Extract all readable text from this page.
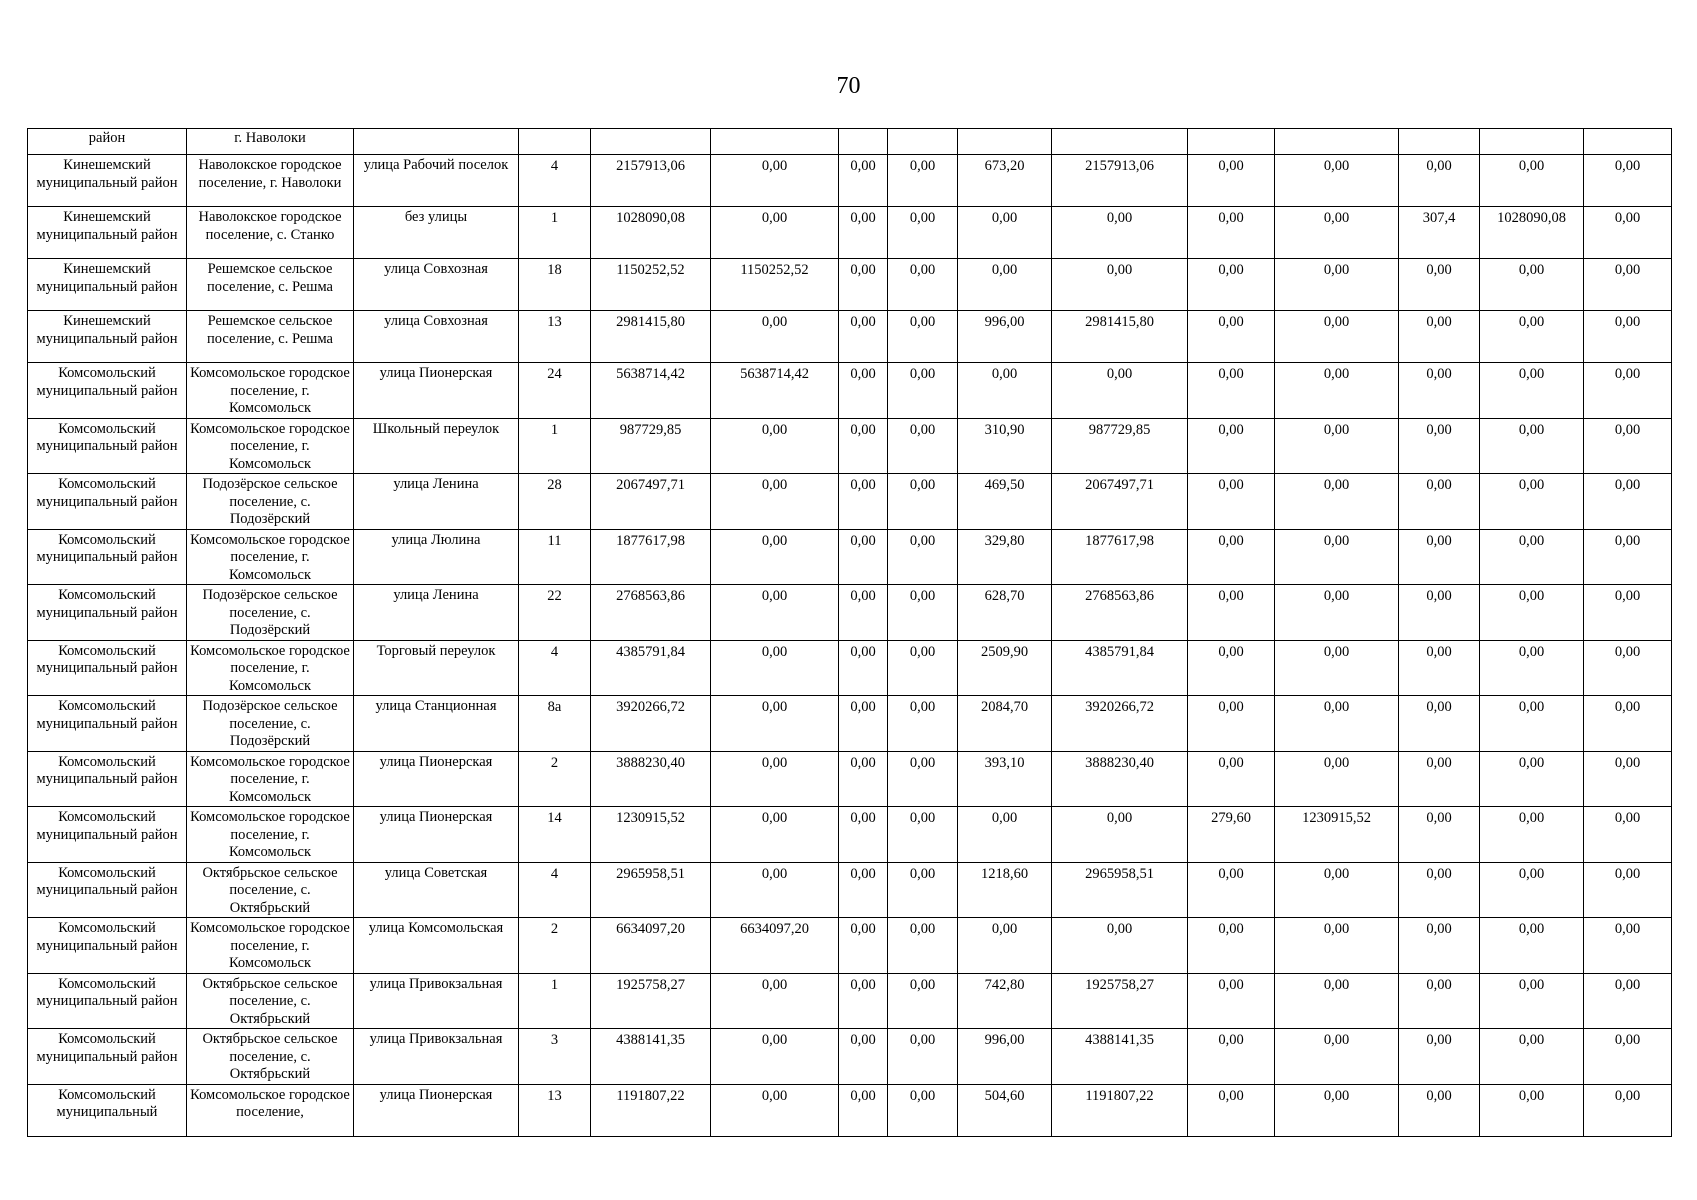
70
район	г. Наволоки													
Кинешемский муниципальный район	Наволокское городское поселение, г. Наволоки	улица Рабочий поселок	4	2157913,06	0,00	0,00	0,00	673,20	2157913,06	0,00	0,00	0,00	0,00	0,00
Кинешемский муниципальный район	Наволокское городское поселение, с. Станко	без улицы	1	1028090,08	0,00	0,00	0,00	0,00	0,00	0,00	0,00	307,4	1028090,08	0,00
Кинешемский муниципальный район	Решемское сельское поселение, с. Решма	улица Совхозная	18	1150252,52	1150252,52	0,00	0,00	0,00	0,00	0,00	0,00	0,00	0,00	0,00
Кинешемский муниципальный район	Решемское сельское поселение, с. Решма	улица Совхозная	13	2981415,80	0,00	0,00	0,00	996,00	2981415,80	0,00	0,00	0,00	0,00	0,00
Комсомольский муниципальный район	Комсомольское городское поселение, г. Комсомольск	улица Пионерская	24	5638714,42	5638714,42	0,00	0,00	0,00	0,00	0,00	0,00	0,00	0,00	0,00
Комсомольский муниципальный район	Комсомольское городское поселение, г. Комсомольск	Школьный переулок	1	987729,85	0,00	0,00	0,00	310,90	987729,85	0,00	0,00	0,00	0,00	0,00
Комсомольский муниципальный район	Подозёрское сельское поселение, с. Подозёрский	улица Ленина	28	2067497,71	0,00	0,00	0,00	469,50	2067497,71	0,00	0,00	0,00	0,00	0,00
Комсомольский муниципальный район	Комсомольское городское поселение, г. Комсомольск	улица Люлина	11	1877617,98	0,00	0,00	0,00	329,80	1877617,98	0,00	0,00	0,00	0,00	0,00
Комсомольский муниципальный район	Подозёрское сельское поселение, с. Подозёрский	улица Ленина	22	2768563,86	0,00	0,00	0,00	628,70	2768563,86	0,00	0,00	0,00	0,00	0,00
Комсомольский муниципальный район	Комсомольское городское поселение, г. Комсомольск	Торговый переулок	4	4385791,84	0,00	0,00	0,00	2509,90	4385791,84	0,00	0,00	0,00	0,00	0,00
Комсомольский муниципальный район	Подозёрское сельское поселение, с. Подозёрский	улица Станционная	8а	3920266,72	0,00	0,00	0,00	2084,70	3920266,72	0,00	0,00	0,00	0,00	0,00
Комсомольский муниципальный район	Комсомольское городское поселение, г. Комсомольск	улица Пионерская	2	3888230,40	0,00	0,00	0,00	393,10	3888230,40	0,00	0,00	0,00	0,00	0,00
Комсомольский муниципальный район	Комсомольское городское поселение, г. Комсомольск	улица Пионерская	14	1230915,52	0,00	0,00	0,00	0,00	0,00	279,60	1230915,52	0,00	0,00	0,00
Комсомольский муниципальный район	Октябрьское сельское поселение, с. Октябрьский	улица Советская	4	2965958,51	0,00	0,00	0,00	1218,60	2965958,51	0,00	0,00	0,00	0,00	0,00
Комсомольский муниципальный район	Комсомольское городское поселение, г. Комсомольск	улица Комсомольская	2	6634097,20	6634097,20	0,00	0,00	0,00	0,00	0,00	0,00	0,00	0,00	0,00
Комсомольский муниципальный район	Октябрьское сельское поселение, с. Октябрьский	улица Привокзальная	1	1925758,27	0,00	0,00	0,00	742,80	1925758,27	0,00	0,00	0,00	0,00	0,00
Комсомольский муниципальный район	Октябрьское сельское поселение, с. Октябрьский	улица Привокзальная	3	4388141,35	0,00	0,00	0,00	996,00	4388141,35	0,00	0,00	0,00	0,00	0,00
Комсомольский муниципальный	Комсомольское городское поселение,	улица Пионерская	13	1191807,22	0,00	0,00	0,00	504,60	1191807,22	0,00	0,00	0,00	0,00	0,00
